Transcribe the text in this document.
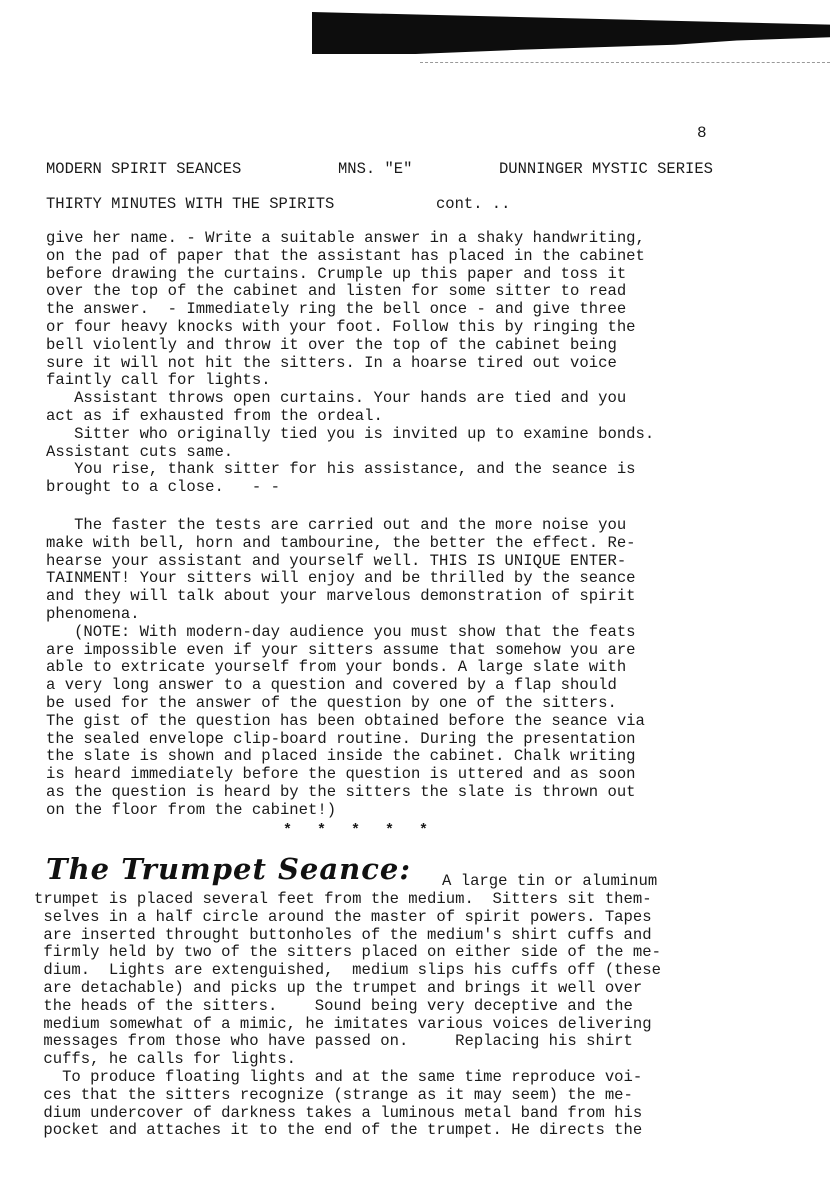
8

MODERN SPIRIT SEANCES

	MNS. "E"

	DUNNINGER MYSTIC SERIES

THIRTY MINUTES WITH THE SPIRITS

	cont. ..

give her name. - Write a suitable answer in a shaky handwriting,
on the pad of paper that the assistant has placed in the cabinet
before drawing the curtains. Crumple up this paper and toss it
over the top of the cabinet and listen for some sitter to read
the answer.  - Immediately ring the bell once - and give three
or four heavy knocks with your foot. Follow this by ringing the
bell violently and throw it over the top of the cabinet being
sure it will not hit the sitters. In a hoarse tired out voice
faintly call for lights.
Assistant throws open curtains. Your hands are tied and you
act as if exhausted from the ordeal.
Sitter who originally tied you is invited up to examine bonds.
Assistant cuts same.
You rise, thank sitter for his assistance, and the seance is
brought to a close.   - -
The faster the tests are carried out and the more noise you
make with bell, horn and tambourine, the better the effect. Re-
hearse your assistant and yourself well. THIS IS UNIQUE ENTER-
TAINMENT! Your sitters will enjoy and be thrilled by the seance
and they will talk about your marvelous demonstration of spirit
phenomena.
(NOTE: With modern-day audience you must show that the feats
are impossible even if your sitters assume that somehow you are
able to extricate yourself from your bonds. A large slate with
a very long answer to a question and covered by a flap should
be used for the answer of the question by one of the sitters.
The gist of the question has been obtained before the seance via
the sealed envelope clip-board routine. During the presentation
the slate is shown and placed inside the cabinet. Chalk writing
is heard immediately before the question is uttered and as soon
as the question is heard by the sitters the slate is thrown out
on the floor from the cabinet!)
* * * * *
The Trumpet Seance: A large tin or aluminum
trumpet is placed several feet from the medium.  Sitters sit them-
selves in a half circle around the master of spirit powers. Tapes
are inserted throught buttonholes of the medium's shirt cuffs and
firmly held by two of the sitters placed on either side of the me-
dium.  Lights are extenguished,  medium slips his cuffs off (these
are detachable) and picks up the trumpet and brings it well over
the heads of the sitters.    Sound being very deceptive and the
medium somewhat of a mimic, he imitates various voices delivering
messages from those who have passed on.     Replacing his shirt
cuffs, he calls for lights.
To produce floating lights and at the same time reproduce voi-
ces that the sitters recognize (strange as it may seem) the me-
dium undercover of darkness takes a luminous metal band from his
pocket and attaches it to the end of the trumpet. He directs the
